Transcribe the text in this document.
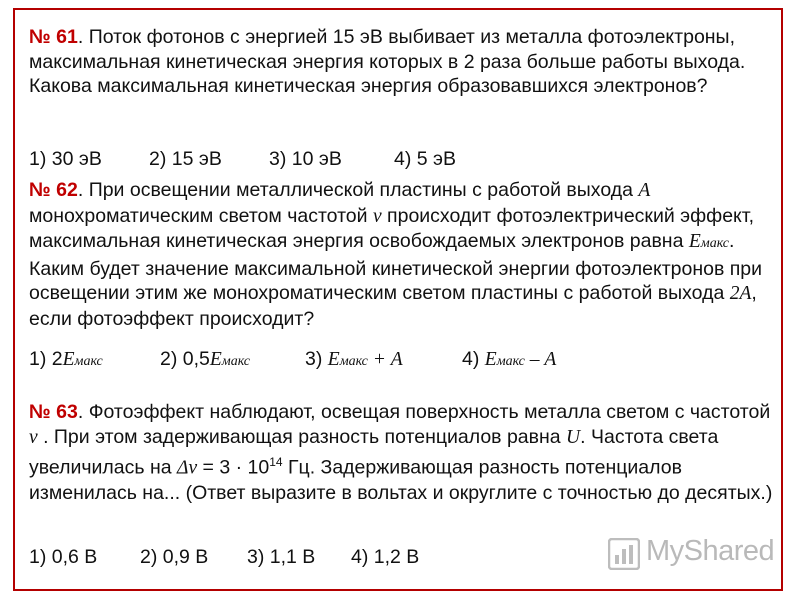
№ 61. Поток фотонов с энергией 15 эВ выбивает из металла фотоэлектроны, максимальная кинетическая энергия которых в 2 раза больше работы выхода. Какова максимальная кинетическая энергия образовавшихся электронов?

1) 30 эВ 2) 15 эВ 3) 10 эВ	4) 5 эВ

№ 62. При освещении металлической пластины с работой выхода A монохроматическим светом частотой ν происходит фотоэлектрический эффект, максимальная кинетическая энергия освобождаемых электронов равна Eмакс. Каким будет значение максимальной кинетической энергии фотоэлектронов при освещении этим же монохроматическим светом пластины с работой выхода 2A, если фотоэффект происходит?

1) 2Eмакс	2) 0,5Eмакс	3) Eмакс + A	4) Eмакс – A

№ 63. Фотоэффект наблюдают, освещая поверхность металла светом с частотой ν . При этом задерживающая разность потенциалов равна U. Частота света увеличилась на $\Delta\nu = 3 \cdot 10^{14}$ Гц. Задерживающая разность потенциалов изменилась на... (Ответ выразите в вольтах и округлите с точностью до десятых.)

1) 0,6 В 2) 0,9 В 3) 1,1 В 4) 1,2 В	MyShared
